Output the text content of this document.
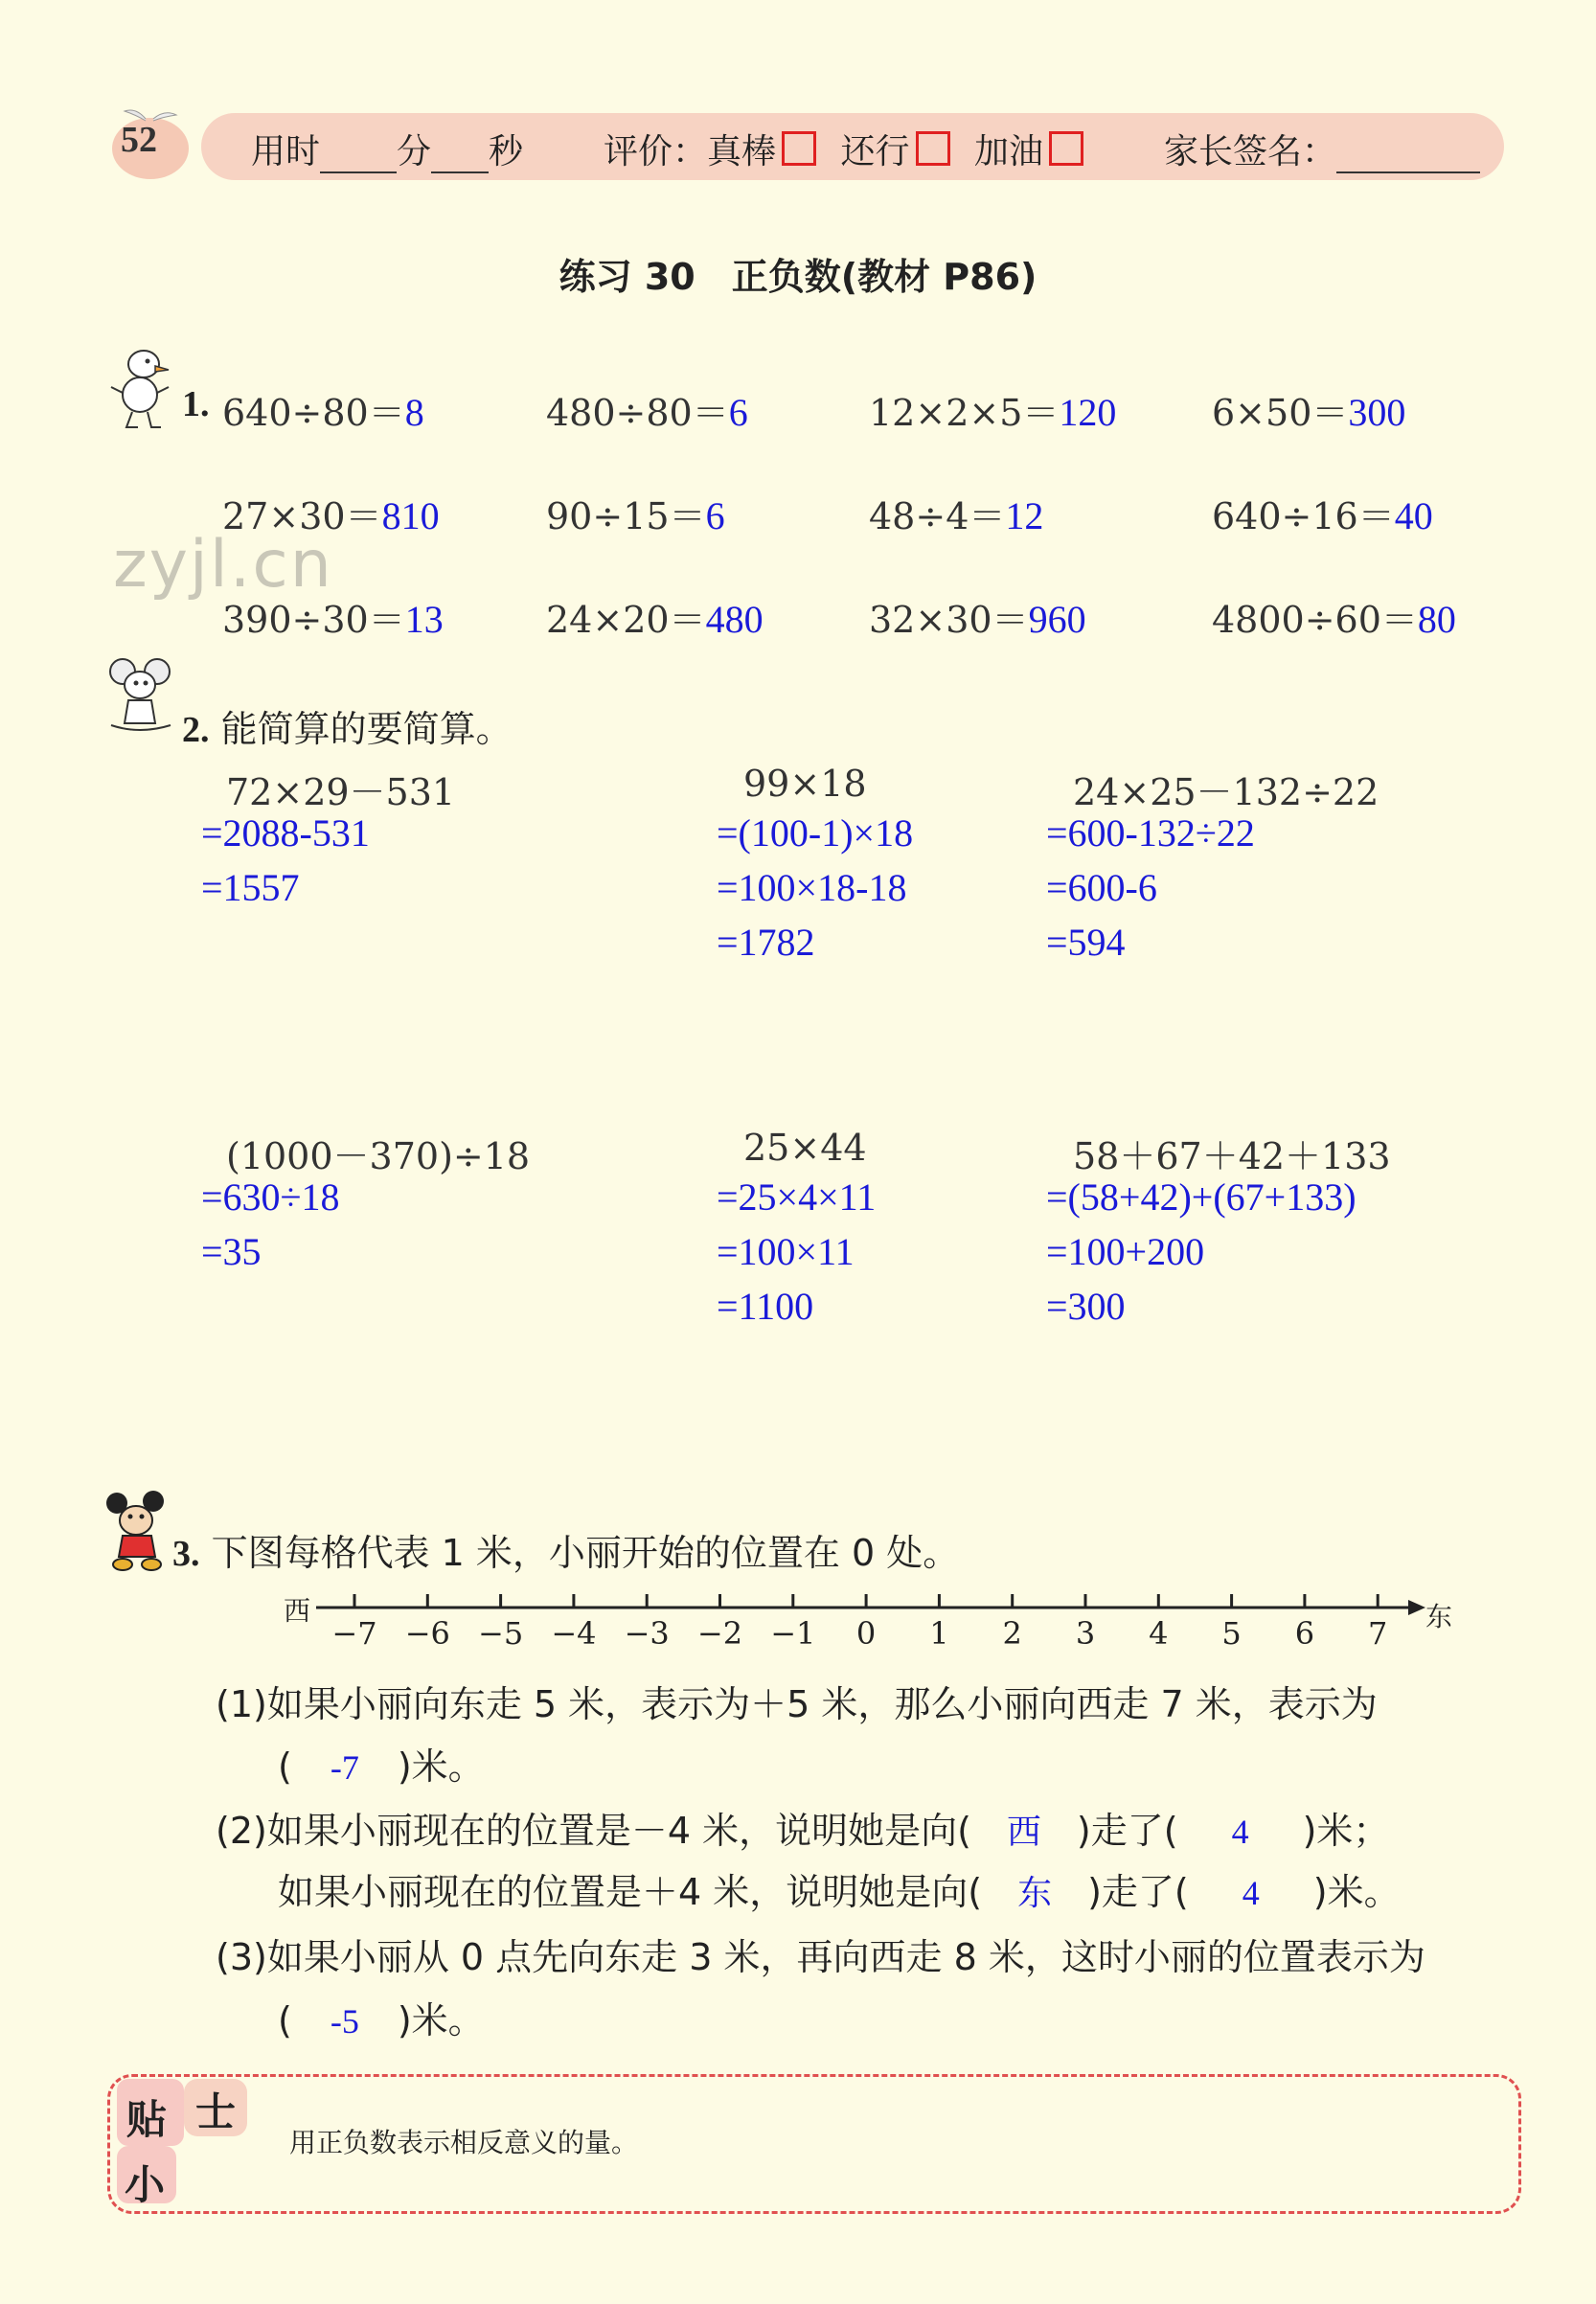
52	用时 分 秒 评价：真棒 还行 加油	家长签名：
练习 30　正负数(教材 P86)
zyjl.cn
1. 640÷80＝8	480÷80＝6	12×2×5＝120	6×50＝300
27×30＝810	90÷15＝6	48÷4＝12	640÷16＝40
390÷30＝13	24×20＝480	32×30＝960	4800÷60＝80
2. 能简算的要简算。
72×29－531
=2088-531
=1557
99×18
=(100-1)×18
=100×18-18
=1782
24×25－132÷22
=600-132÷22
=600-6
=594
(1000－370)÷18
=630÷18
=35
25×44
=25×4×11
=100×11
=1100
58＋67＋42＋133
=(58+42)+(67+133)
=100+200
=300
3. 下图每格代表 1 米，小丽开始的位置在 0 处。
西	东
−7 −6 −5 −4 −3 −2 −1 0 1 2 3 4 5 6 7
(1)如果小丽向东走 5 米，表示为＋5 米，那么小丽向西走 7 米，表示为
( -7 )米。
(2)如果小丽现在的位置是－4 米，说明她是向( 西 )走了( 4 )米；
如果小丽现在的位置是＋4 米，说明她是向( 东 )走了( 4 )米。
(3)如果小丽从 0 点先向东走 3 米，再向西走 8 米，这时小丽的位置表示为
( -5 )米。
贴 士
小
用正负数表示相反意义的量。
